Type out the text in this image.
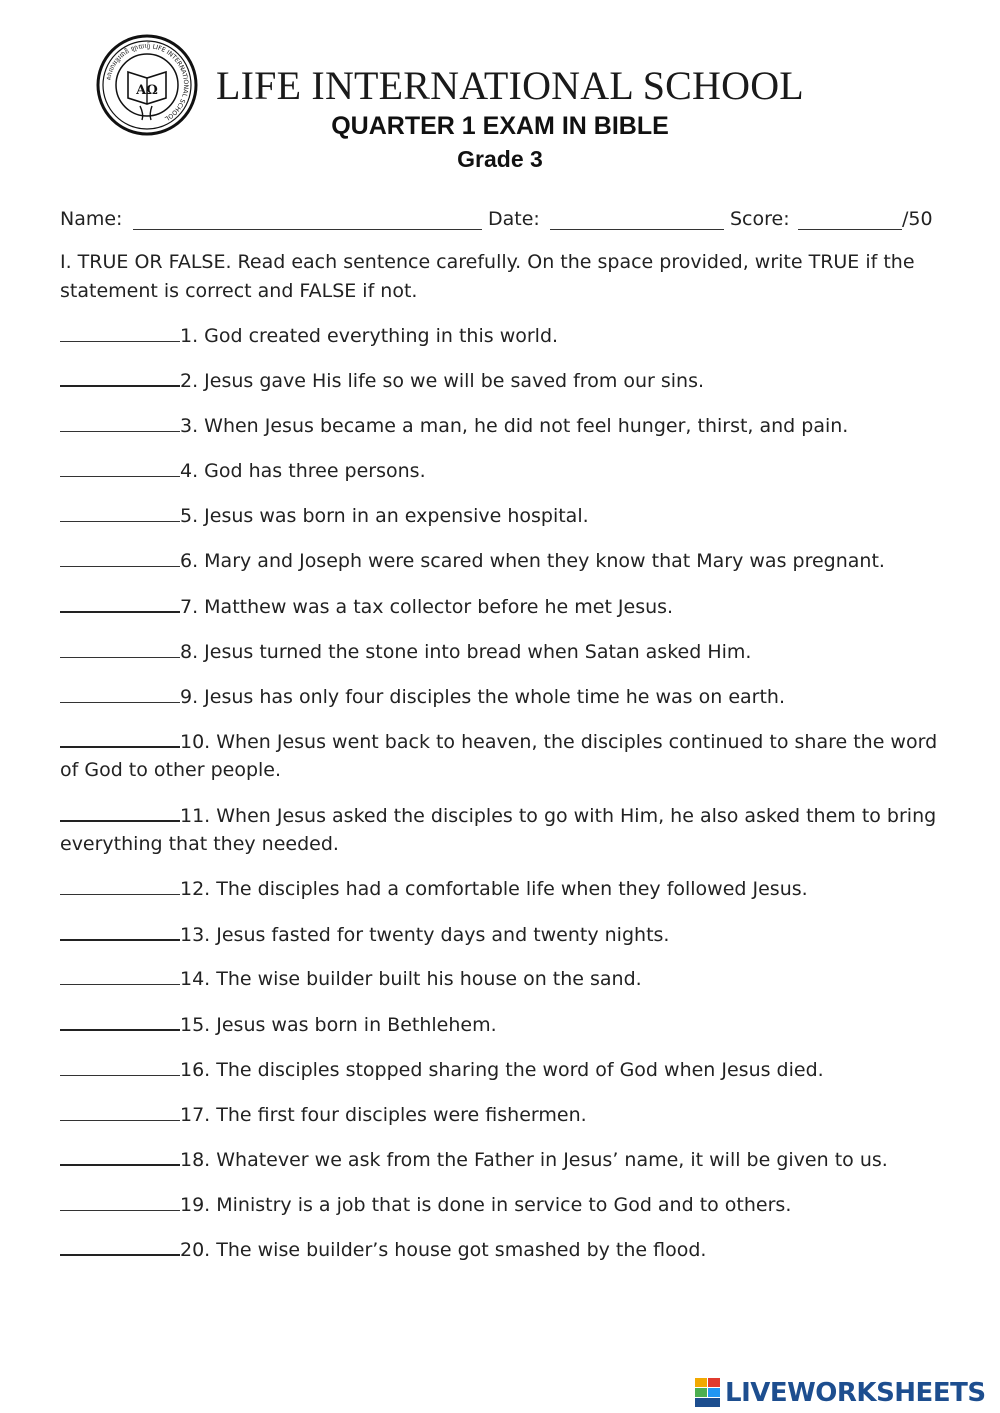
សាលាអន្តរជាតិ ឡាយហ្វ៍ LIFE INTERNATIONAL SCHOOL
AΩ LIFE INTERNATIONAL SCHOOL
QUARTER 1 EXAM IN BIBLE
Grade 3
Name:	Date:	Score:	/50
I. TRUE OR FALSE. Read each sentence carefully. On the space provided, write TRUE if the statement is correct and FALSE if not.
1. God created everything in this world.
2. Jesus gave His life so we will be saved from our sins.
3. When Jesus became a man, he did not feel hunger, thirst, and pain.
4. God has three persons.
5. Jesus was born in an expensive hospital.
6. Mary and Joseph were scared when they know that Mary was pregnant.
7. Matthew was a tax collector before he met Jesus.
8. Jesus turned the stone into bread when Satan asked Him.
9. Jesus has only four disciples the whole time he was on earth.
10. When Jesus went back to heaven, the disciples continued to share the word of God to other people.
11. When Jesus asked the disciples to go with Him, he also asked them to bring everything that they needed.
12. The disciples had a comfortable life when they followed Jesus.
13. Jesus fasted for twenty days and twenty nights.
14. The wise builder built his house on the sand.
15. Jesus was born in Bethlehem.
16. The disciples stopped sharing the word of God when Jesus died.
17. The first four disciples were fishermen.
18. Whatever we ask from the Father in Jesus’ name, it will be given to us.
19. Ministry is a job that is done in service to God and to others.
20. The wise builder’s house got smashed by the flood.
LIVEWORKSHEETS
